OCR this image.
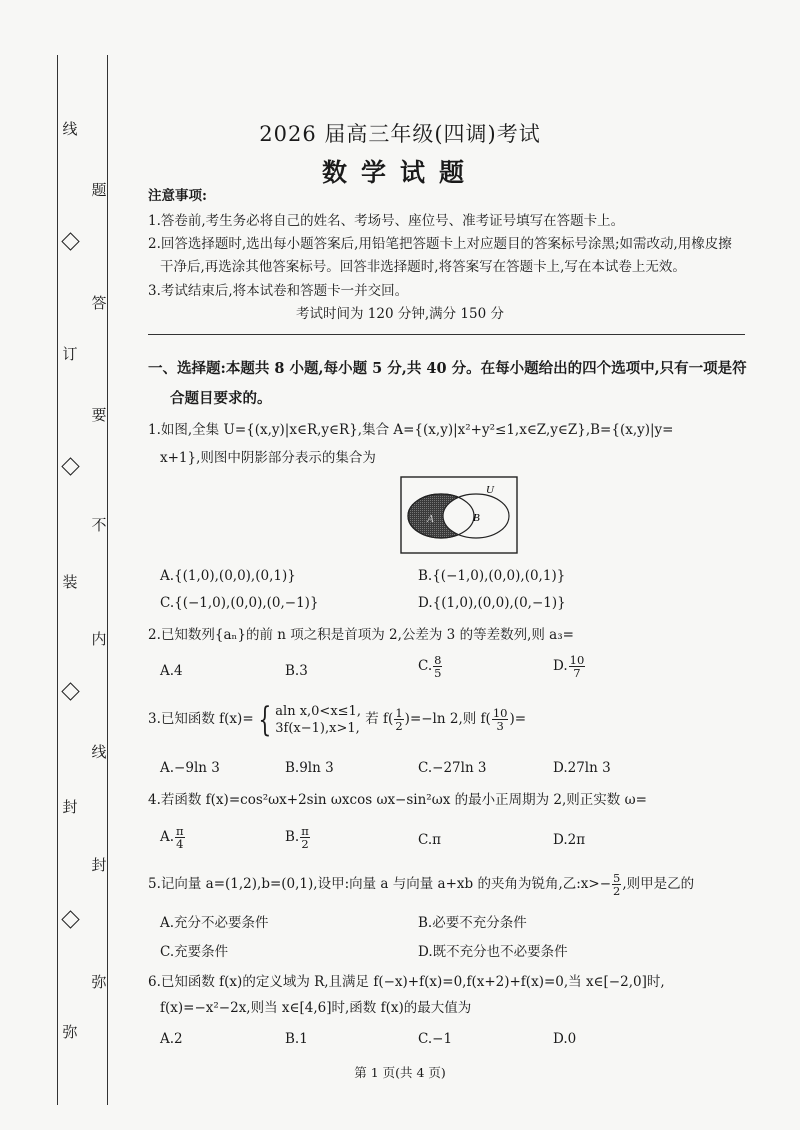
线
订
装
封
弥
题
答
要
不
内
线
封
弥
2026 届高三年级(四调)考试
数学试题
注意事项:
1.答卷前,考生务必将自己的姓名、考场号、座位号、准考证号填写在答题卡上。
2.回答选择题时,选出每小题答案后,用铅笔把答题卡上对应题目的答案标号涂黑;如需改动,用橡皮擦
干净后,再选涂其他答案标号。回答非选择题时,将答案写在答题卡上,写在本试卷上无效。
3.考试结束后,将本试卷和答题卡一并交回。
考试时间为 120 分钟,满分 150 分
一、选择题:本题共 8 小题,每小题 5 分,共 40 分。在每小题给出的四个选项中,只有一项是符
合题目要求的。
1.如图,全集 U={(x,y)|x∈R,y∈R},集合 A={(x,y)|x²+y²≤1,x∈Z,y∈Z},B={(x,y)|y=
x+1},则图中阴影部分表示的集合为
U
A	B
A.{(1,0),(0,0),(0,1)}	B.{(−1,0),(0,0),(0,1)}
C.{(−1,0),(0,0),(0,−1)}	D.{(1,0),(0,0),(0,−1)}
2.已知数列{aₙ}的前 n 项之积是首项为 2,公差为 3 的等差数列,则 a₃=
A.4	B.3	C. $\frac{8}{5}$	D. $\frac{10}{7}$
3.已知函数 f(x)= { aln x,0<x≤1,
3f(x−1),x>1,
若 $f( \frac{1}{2} )=-\ln$ 2,则 $f( \frac{10}{3}$ )=
A.−9ln 3	B.9ln 3	C.−27ln 3	D.27ln 3
4.若函数 f(x)=cos²ωx+2sin ωxcos ωx−sin²ωx 的最小正周期为 2,则正实数 ω=
A. $\frac{\pi}{4}$	B. $\frac{\pi}{2}$	C.π	D.2π
5.记向量 a=(1,2),b=(0,1),设甲:向量 a 与向量 a+xb 的夹角为锐角,乙:x>− $\frac{5}{2}$ ,则甲是乙的
A.充分不必要条件	B.必要不充分条件
C.充要条件	D.既不充分也不必要条件
6.已知函数 f(x)的定义域为 R,且满足 f(−x)+f(x)=0,f(x+2)+f(x)=0,当 x∈[−2,0]时,
f(x)=−x²−2x,则当 x∈[4,6]时,函数 f(x)的最大值为
A.2	B.1	C.−1	D.0
第 1 页(共 4 页)
